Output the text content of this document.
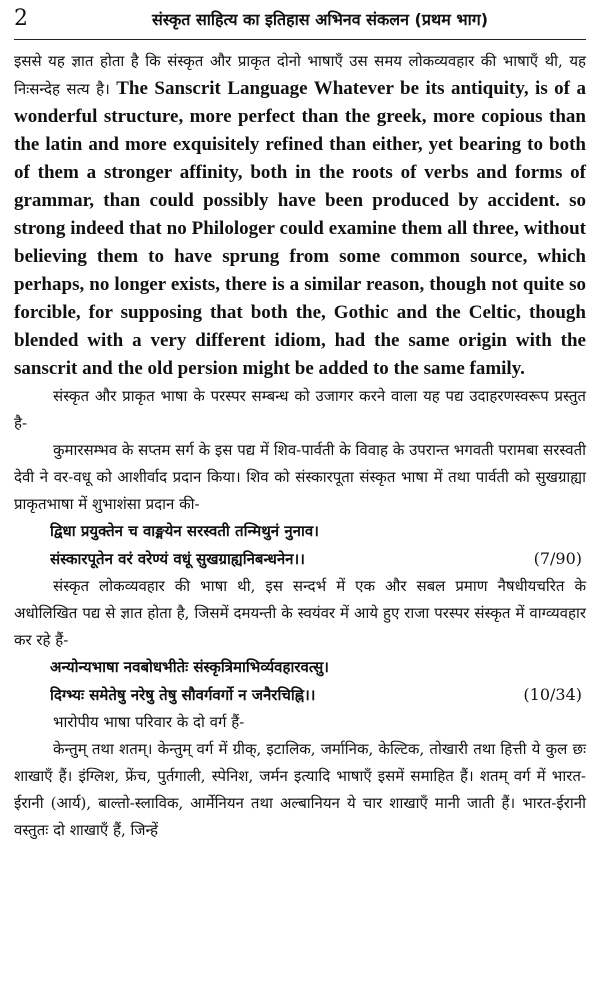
2	संस्कृत साहित्य का इतिहास अभिनव संकलन (प्रथम भाग)

इससे यह ज्ञात होता है कि संस्कृत और प्राकृत दोनो भाषाएँ उस समय लोकव्यवहार की भाषाएँ थी, यह निःसन्देह सत्य है। The Sanscrit Language Whatever be its antiquity, is of a wonderful structure, more perfect than the greek, more copious than the latin and more exquisitely refined than either, yet bearing to both of them a stronger affinity, both in the roots of verbs and forms of grammar, than could possibly have been produced by accident. so strong indeed that no Philologer could examine them all three, without believing them to have sprung from some common source, which perhaps, no longer exists, there is a similar reason, though not quite so forcible, for supposing that both the, Gothic and the Celtic, though blended with a very different idiom, had the same origin with the sanscrit and the old persion might be added to the same family.

संस्कृत और प्राकृत भाषा के परस्पर सम्बन्ध को उजागर करने वाला यह पद्य उदाहरणस्वरूप प्रस्तुत है-

कुमारसम्भव के सप्तम सर्ग के इस पद्य में शिव-पार्वती के विवाह के उपरान्त भगवती परामबा सरस्वती देवी ने वर-वधू को आशीर्वाद प्रदान किया। शिव को संस्कारपूता संस्कृत भाषा में तथा पार्वती को सुखग्राह्या प्राकृतभाषा में शुभाशंसा प्रदान की-

द्विधा प्रयुक्तेन च वाङ्मयेन सरस्वती तन्मिथुनं नुनाव।
संस्कारपूतेन वरं वरेण्यं वधूं सुखग्राह्यनिबन्धनेन।।	(7/90)

संस्कृत लोकव्यवहार की भाषा थी, इस सन्दर्भ में एक और सबल प्रमाण नैषधीयचरित के अधोलिखित पद्य से ज्ञात होता है, जिसमें दमयन्ती के स्वयंवर में आये हुए राजा परस्पर संस्कृत में वाग्व्यवहार कर रहे हैं-

अन्योन्यभाषा नवबोधभीतेः संस्कृत्रिमाभिर्व्यवहारवत्सु।
दिग्भ्यः समेतेषु नरेषु तेषु सौवर्गवर्गो न जनैरचिह्नि।।	(10/34)

भारोपीय भाषा परिवार के दो वर्ग हैं-

केन्तुम् तथा शतम्। केन्तुम् वर्ग में ग्रीक्, इटालिक, जर्मानिक, केल्टिक, तोखारी तथा हित्ती ये कुल छः शाखाएँ हैं। इंग्लिश, फ्रेंच, पुर्तगाली, स्पेनिश, जर्मन इत्यादि भाषाएँ इसमें समाहित हैं। शतम् वर्ग में भारत-ईरानी (आर्य), बाल्तो-स्लाविक, आर्मेनियन तथा अल्बानियन ये चार शाखाएँ मानी जाती हैं। भारत-ईरानी वस्तुतः दो शाखाएँ हैं, जिन्हें
